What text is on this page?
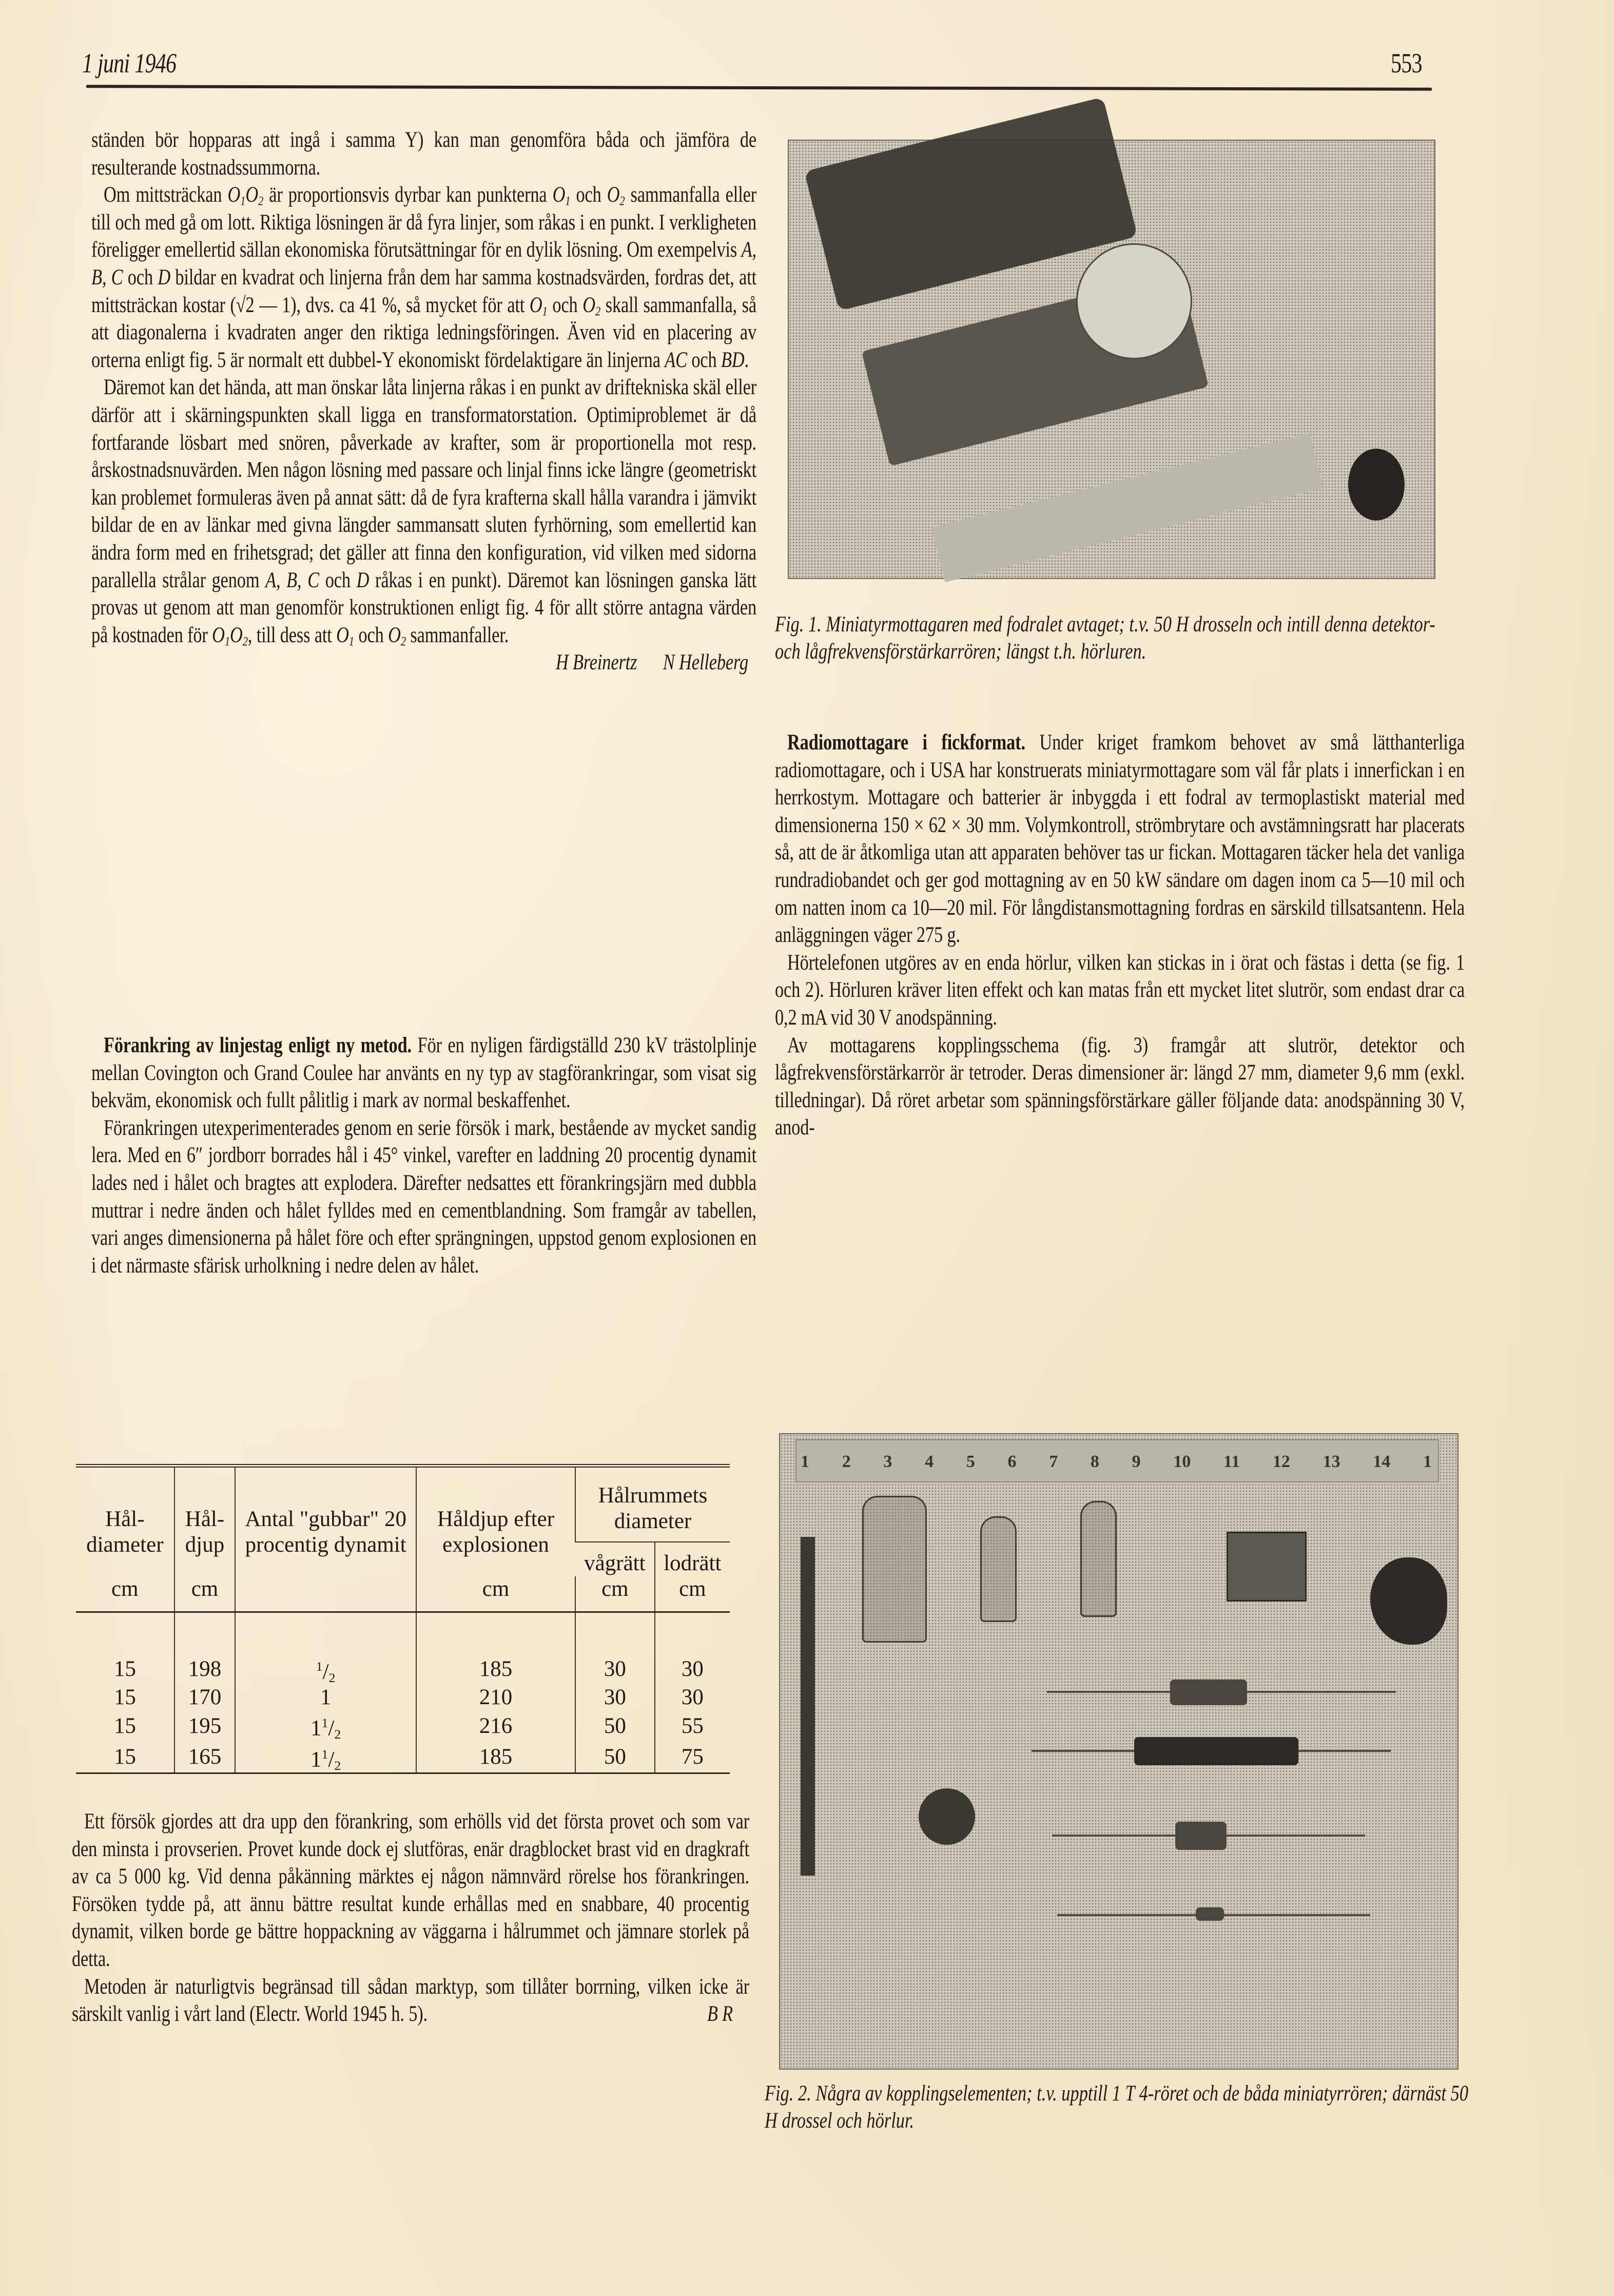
1 juni 1946	553

ständen bör hopparas att ingå i samma Y) kan man genomföra båda och jämföra de resulterande kostnadssummorna.

Om mittsträckan $O_1O_2$ är proportionsvis dyrbar kan punkterna $O_1$ och $O_2$ sammanfalla eller till och med gå om lott. Riktiga lösningen är då fyra linjer, som råkas i en punkt. I verkligheten föreligger emellertid sällan ekonomiska förutsättningar för en dylik lösning. Om exempelvis A, B, C och D bildar en kvadrat och linjerna från dem har samma kostnadsvärden, fordras det, att mittsträckan kostar (√2 — 1), dvs. ca 41 %, så mycket för att $O_1$ och $O_2$ skall sammanfalla, så att diagonalerna i kvadraten anger den riktiga ledningsföringen. Även vid en placering av orterna enligt fig. 5 är normalt ett dubbel-Y ekonomiskt fördelaktigare än linjerna AC och BD.

Däremot kan det hända, att man önskar låta linjerna råkas i en punkt av driftekniska skäl eller därför att i skärningspunkten skall ligga en transformatorstation. Optimiproblemet är då fortfarande lösbart med snören, påverkade av krafter, som är proportionella mot resp. årskostnadsnuvärden. Men någon lösning med passare och linjal finns icke längre (geometriskt kan problemet formuleras även på annat sätt: då de fyra krafterna skall hålla varandra i jämvikt bildar de en av länkar med givna längder sammansatt sluten fyrhörning, som emellertid kan ändra form med en frihetsgrad; det gäller att finna den konfiguration, vid vilken med sidorna parallella strålar genom A, B, C och D råkas i en punkt). Däremot kan lösningen ganska lätt provas ut genom att man genomför konstruktionen enligt fig. 4 för allt större antagna värden på kostnaden för $O_1O_2$, till dess att $O_1$ och $O_2$ sammanfaller.

H Breinertz      N Helleberg

Förankring av linjestag enligt ny metod. För en nyligen färdigställd 230 kV trästolplinje mellan Covington och Grand Coulee har använts en ny typ av stagförankringar, som visat sig bekväm, ekonomisk och fullt pålitlig i mark av normal beskaffenhet.

Förankringen utexperimenterades genom en serie försök i mark, bestående av mycket sandig lera. Med en 6″ jordborr borrades hål i 45° vinkel, varefter en laddning 20 procentig dynamit lades ned i hålet och bragtes att explodera. Därefter nedsattes ett förankringsjärn med dubbla muttrar i nedre änden och hålet fylldes med en cementblandning. Som framgår av tabellen, vari anges dimensionerna på hålet före och efter sprängningen, uppstod genom explosionen en i det närmaste sfärisk urholkning i nedre delen av hålet.

Hål-diameter	Hål-djup	Antal "gubbar" 20 procentig dynamit	Håldjup efter explosionen	Hålrummets diameter	
				vågrätt	lodrätt
cm	cm		cm	cm	cm

15	198	$^1/_2$	185	30	30
15	170	1	210	30	30
15	195	$1^1/_2$	216	50	55
15	165	$1^1/_2$	185	50	75

Ett försök gjordes att dra upp den förankring, som erhölls vid det första provet och som var den minsta i provserien. Provet kunde dock ej slutföras, enär dragblocket brast vid en dragkraft av ca 5 000 kg. Vid denna påkänning märktes ej någon nämnvärd rörelse hos förankringen. Försöken tydde på, att ännu bättre resultat kunde erhållas med en snabbare, 40 procentig dynamit, vilken borde ge bättre hoppackning av väggarna i hålrummet och jämnare storlek på detta.

Metoden är naturligtvis begränsad till sådan marktyp, som tillåter borrning, vilken icke är särskilt vanlig i vårt land (Electr. World 1945 h. 5).	B R

Fig. 1. Miniatyrmottagaren med fodralet avtaget; t.v. 50 H drosseln och intill denna detektor- och lågfrekvensförstärkarrören; längst t.h. hörluren.

Radiomottagare i fickformat. Under kriget framkom behovet av små lätthanterliga radiomottagare, och i USA har konstruerats miniatyrmottagare som väl får plats i innerfickan i en herrkostym. Mottagare och batterier är inbyggda i ett fodral av termoplastiskt material med dimensionerna 150 × 62 × 30 mm. Volymkontroll, strömbrytare och avstämningsratt har placerats så, att de är åtkomliga utan att apparaten behöver tas ur fickan. Mottagaren täcker hela det vanliga rundradiobandet och ger god mottagning av en 50 kW sändare om dagen inom ca 5—10 mil och om natten inom ca 10—20 mil. För långdistansmottagning fordras en särskild tillsatsantenn. Hela anläggningen väger 275 g.

Hörtelefonen utgöres av en enda hörlur, vilken kan stickas in i örat och fästas i detta (se fig. 1 och 2). Hörluren kräver liten effekt och kan matas från ett mycket litet slutrör, som endast drar ca 0,2 mA vid 30 V anodspänning.

Av mottagarens kopplingsschema (fig. 3) framgår att slutrör, detektor och lågfrekvensförstärkarrör är tetroder. Deras dimensioner är: längd 27 mm, diameter 9,6 mm (exkl. tilledningar). Då röret arbetar som spänningsförstärkare gäller följande data: anodspänning 30 V, anod-

1 2 3 4 5 6 7 8 9 10 11 12 13 14 1
Fig. 2. Några av kopplingselementen; t.v. upptill 1 T 4-röret och de båda miniatyrrören; därnäst 50 H drossel och hörlur.
